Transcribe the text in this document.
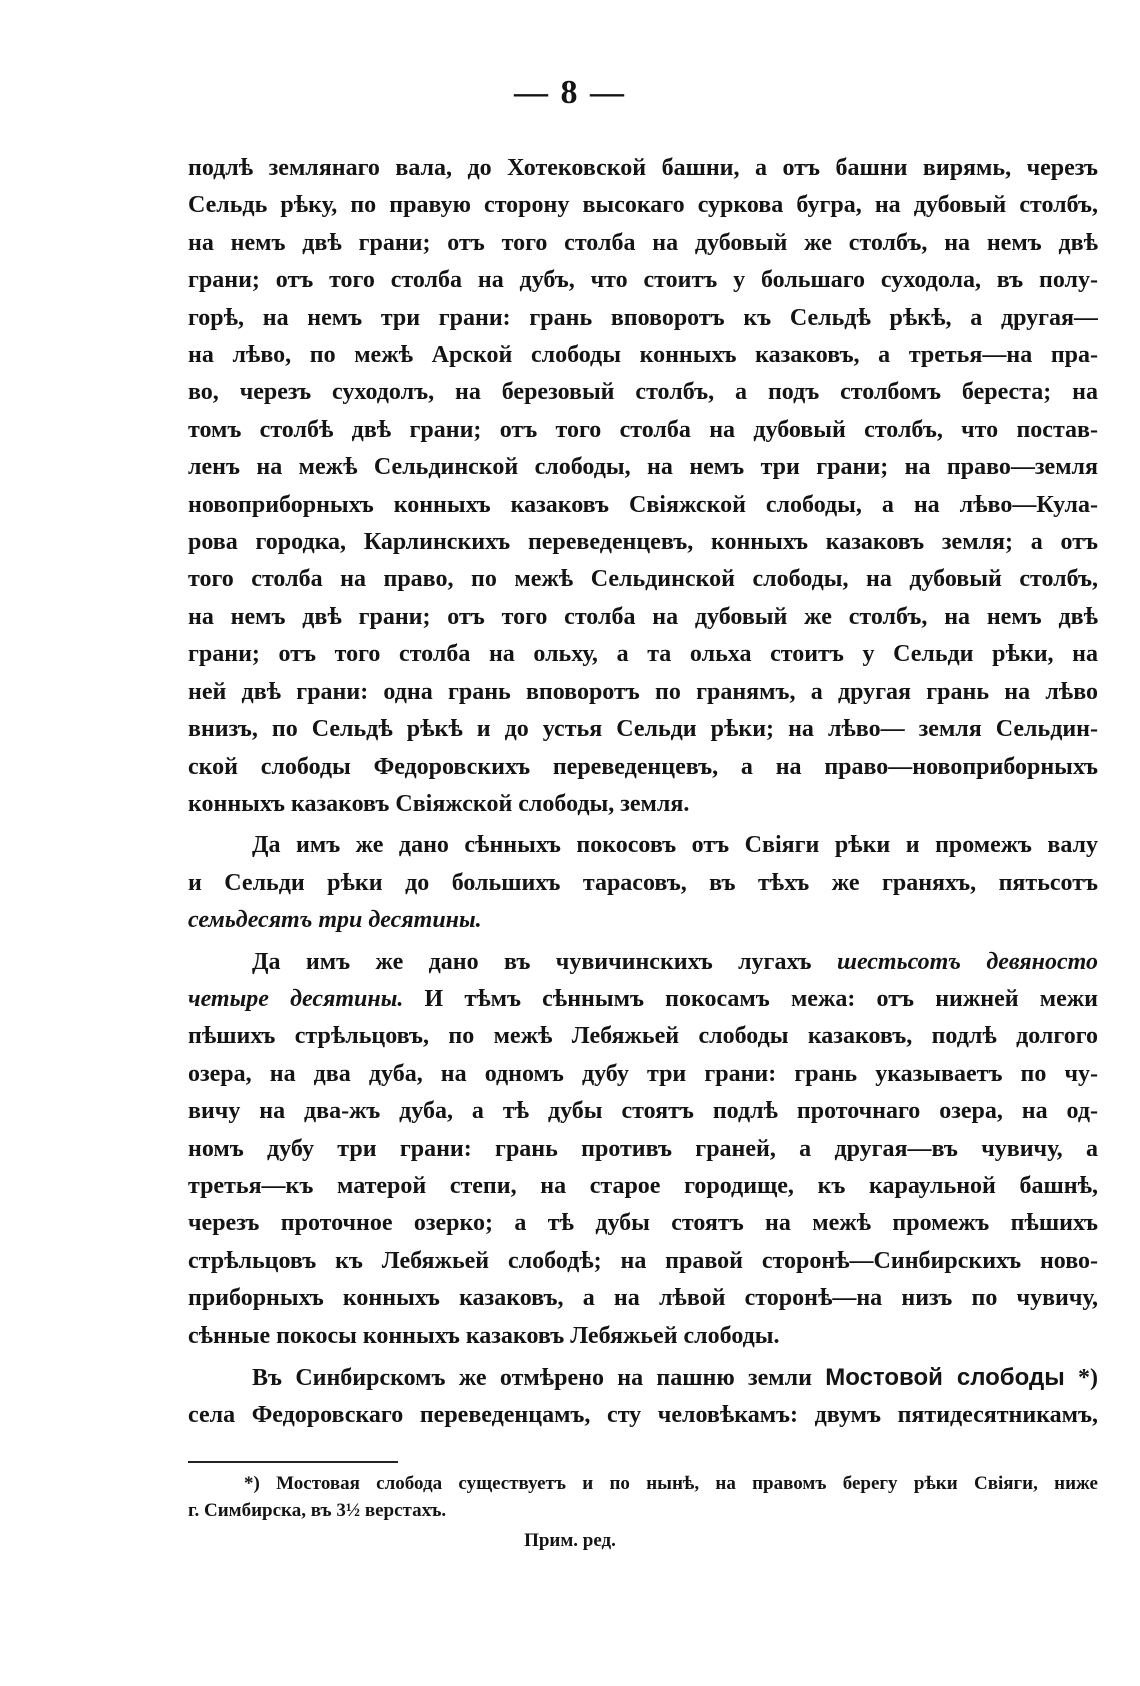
— 8 —

подлѣ землянаго вала, до Хотековской башни, а отъ башни вирямь, черезъ
Сельдь рѣку, по правую сторону высокаго суркова бугра, на дубовый столбъ,
на немъ двѣ грани; отъ того столба на дубовый же столбъ, на немъ двѣ
грани; отъ того столба на дубъ, что стоитъ у большаго суходола, въ полу-
горѣ, на немъ три грани: грань вповоротъ къ Сельдѣ рѣкѣ, а другая—
на лѣво, по межѣ Арской слободы конныхъ казаковъ, а третья—на пра-
во, черезъ суходолъ, на березовый столбъ, а подъ столбомъ береста; на
томъ столбѣ двѣ грани; отъ того столба на дубовый столбъ, что постав-
ленъ на межѣ Сельдинской слободы, на немъ три грани; на право—земля
новоприборныхъ конныхъ казаковъ Свіяжской слободы, а на лѣво—Кула-
рова городка, Карлинскихъ переведенцевъ, конныхъ казаковъ земля; а отъ
того столба на право, по межѣ Сельдинской слободы, на дубовый столбъ,
на немъ двѣ грани; отъ того столба на дубовый же столбъ, на немъ двѣ
грани; отъ того столба на ольху, а та ольха стоитъ у Сельди рѣки, на
ней двѣ грани: одна грань вповоротъ по гранямъ, а другая грань на лѣво
внизъ, по Сельдѣ рѣкѣ и до устья Сельди рѣки; на лѣво— земля Сельдин-
ской слободы Федоровскихъ переведенцевъ, а на право—новоприборныхъ
конныхъ казаковъ Свіяжской слободы, земля.

Да имъ же дано сѣнныхъ покосовъ отъ Свіяги рѣки и промежъ валу
и Сельди рѣки до большихъ тарасовъ, въ тѣхъ же граняхъ, пятьсотъ
семьдесятъ три десятины.

Да имъ же дано въ чувичинскихъ лугахъ шестьсотъ девяносто
четыре десятины. И тѣмъ сѣннымъ покосамъ межа: отъ нижней межи
пѣшихъ стрѣльцовъ, по межѣ Лебяжьей слободы казаковъ, подлѣ долгого
озера, на два дуба, на одномъ дубу три грани: грань указываетъ по чу-
вичу на два-жъ дуба, а тѣ дубы стоятъ подлѣ проточнаго озера, на од-
номъ дубу три грани: грань противъ граней, а другая—въ чувичу, а
третья—къ матерой степи, на старое городище, къ караульной башнѣ,
черезъ проточное озерко; а тѣ дубы стоятъ на межѣ промежъ пѣшихъ
стрѣльцовъ къ Лебяжьей слободѣ; на правой сторонѣ—Синбирскихъ ново-
приборныхъ конныхъ казаковъ, а на лѣвой сторонѣ—на низъ по чувичу,
сѣнные покосы конныхъ казаковъ Лебяжьей слободы.

Въ Синбирскомъ же отмѣрено на пашню земли Мостовой слободы *)
села Федоровскаго переведенцамъ, сту человѣкамъ: двумъ пятидесятникамъ,

*) Мостовая слобода существуетъ и по нынѣ, на правомъ берегу рѣки Свіяги, ниже
г. Симбирска, въ 3½ верстахъ.
Прим. ред.
